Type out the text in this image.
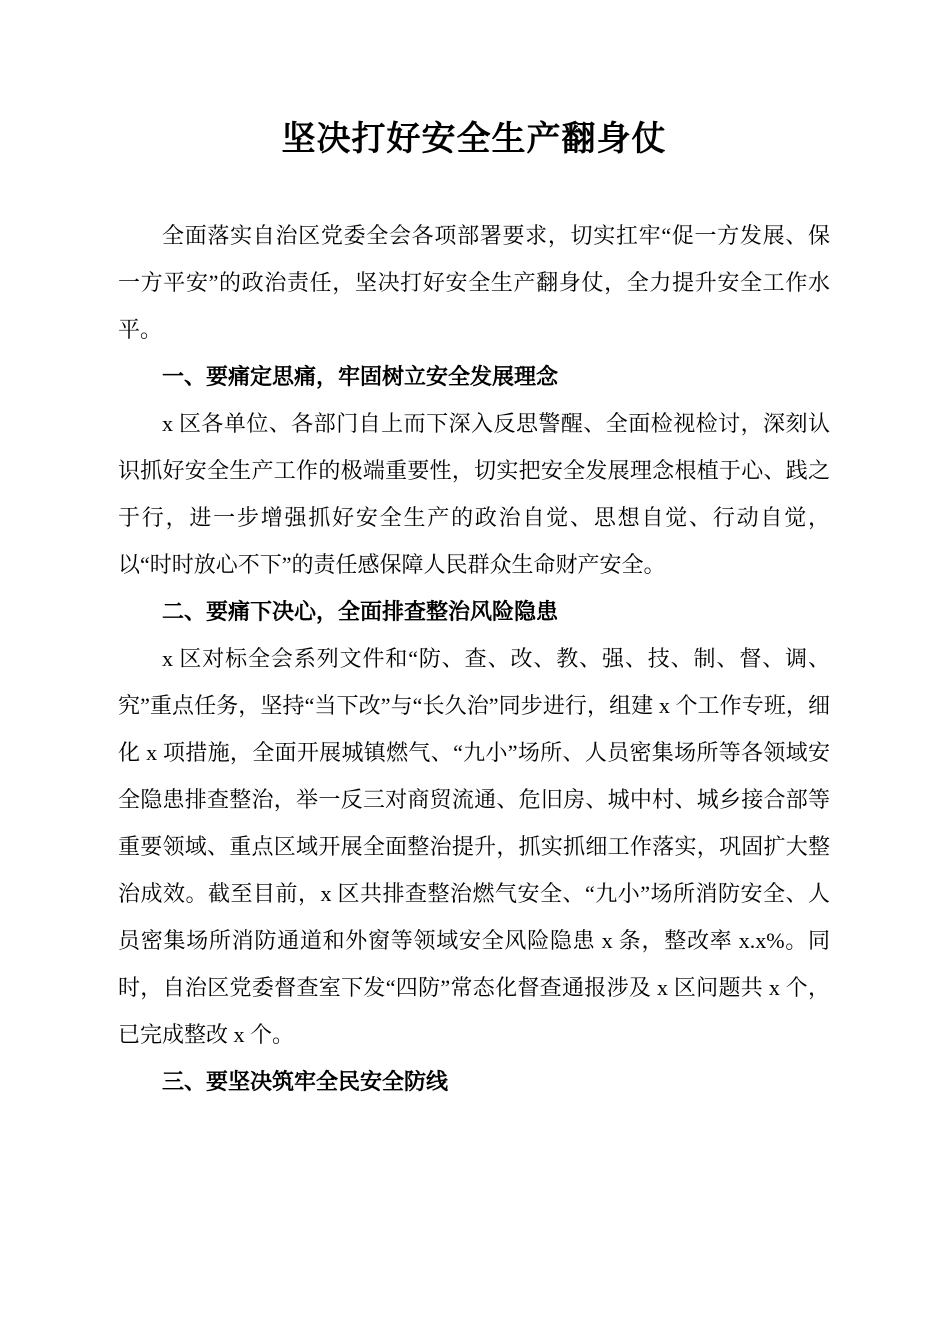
坚决打好安全生产翻身仗

全面落实自治区党委全会各项部署要求，切实扛牢“促一方发展、保一方平安”的政治责任，坚决打好安全生产翻身仗，全力提升安全工作水平。

一、要痛定思痛，牢固树立安全发展理念

x 区各单位、各部门自上而下深入反思警醒、全面检视检讨，深刻认识抓好安全生产工作的极端重要性，切实把安全发展理念根植于心、践之于行，进一步增强抓好安全生产的政治自觉、思想自觉、行动自觉，以“时时放心不下”的责任感保障人民群众生命财产安全。

二、要痛下决心，全面排查整治风险隐患

x 区对标全会系列文件和“防、查、改、教、强、技、制、督、调、究”重点任务，坚持“当下改”与“长久治”同步进行，组建 x 个工作专班，细化 x 项措施，全面开展城镇燃气、“九小”场所、人员密集场所等各领域安全隐患排查整治，举一反三对商贸流通、危旧房、城中村、城乡接合部等重要领域、重点区域开展全面整治提升，抓实抓细工作落实，巩固扩大整治成效。截至目前，x 区共排查整治燃气安全、“九小”场所消防安全、人员密集场所消防通道和外窗等领域安全风险隐患 x 条，整改率 x.x%。同时，自治区党委督查室下发“四防”常态化督查通报涉及 x 区问题共 x 个，已完成整改 x 个。

三、要坚决筑牢全民安全防线
